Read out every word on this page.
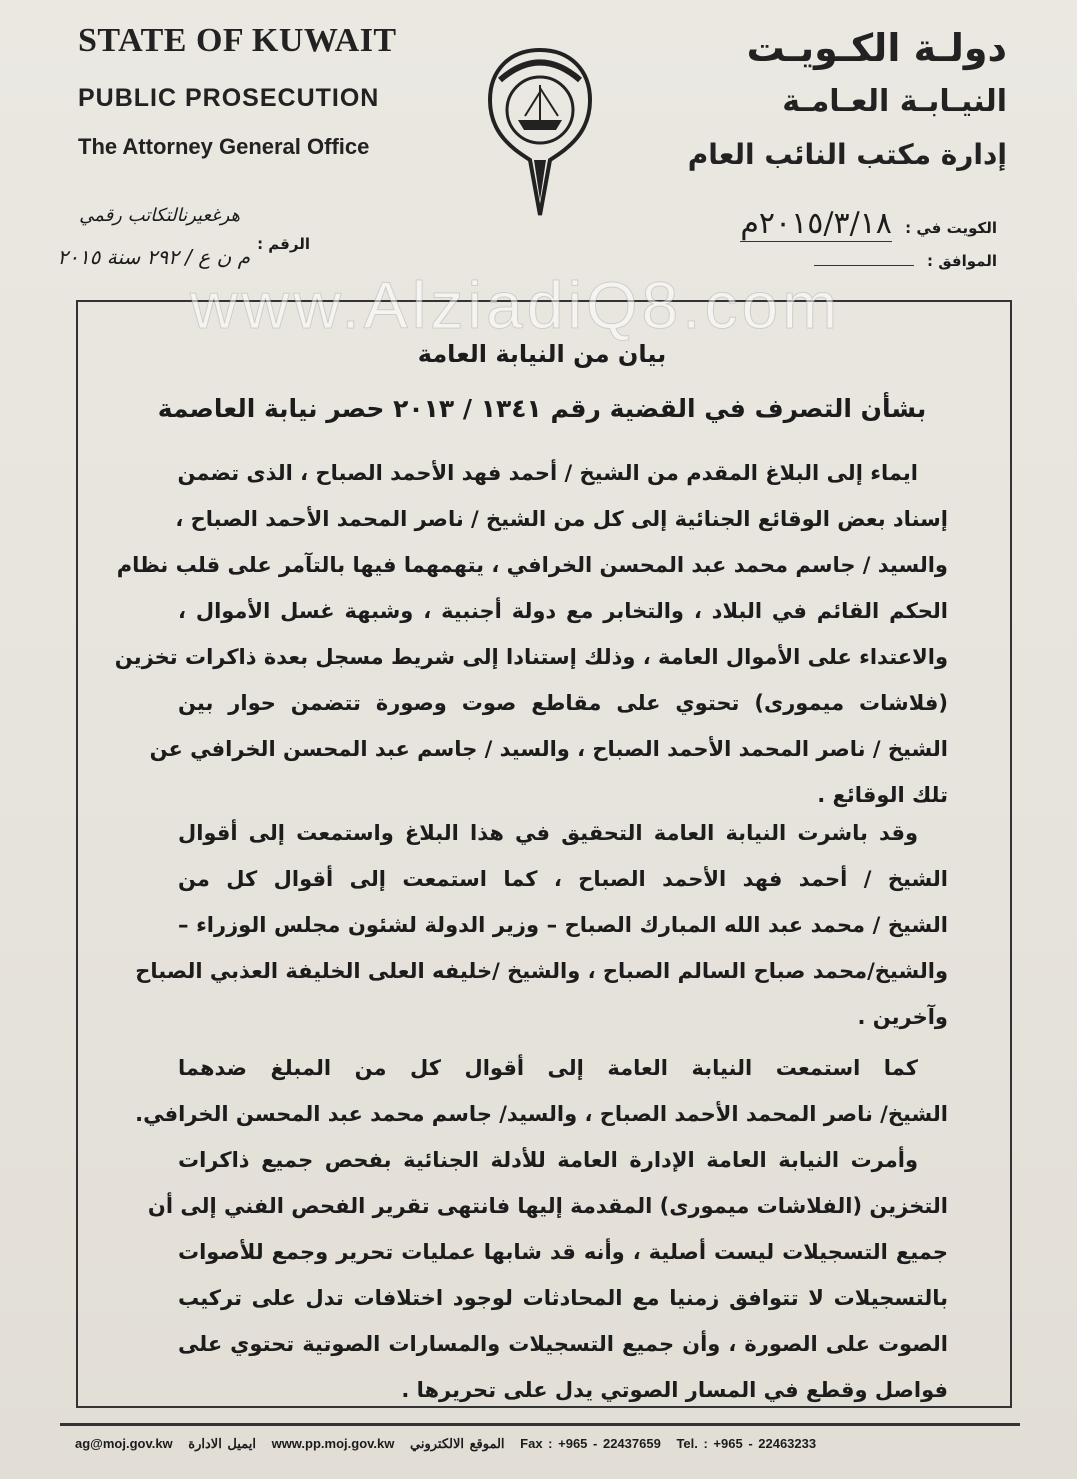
STATE OF KUWAIT
PUBLIC PROSECUTION
The Attorney General Office
دولـة الكـويـت
النيـابـة العـامـة
إدارة مكتب النائب العام
الكويت في : ٢٠١٥/٣/١٨م
الموافق :
الرقم :
هرغعيرنالتكاتب رقمي
م ن ع / ٢٩٢ سنة ٢٠١٥
بيان من النيابة العامة
بشأن التصرف في القضية رقم ١٣٤١ / ٢٠١٣ حصر نيابة العاصمة
ايماء إلى البلاغ المقدم من الشيخ / أحمد فهد الأحمد الصباح ، الذى تضمن
إسناد بعض الوقائع الجنائية إلى كل من الشيخ / ناصر المحمد الأحمد الصباح ،
والسيد / جاسم محمد عبد المحسن الخرافي ، يتهمهما فيها بالتآمر على قلب نظام
الحكم القائم في البلاد ، والتخابر مع دولة أجنبية ، وشبهة غسل الأموال ،
والاعتداء على الأموال العامة ، وذلك إستنادا إلى شريط مسجل بعدة ذاكرات تخزين
(فلاشات ميمورى) تحتوي على مقاطع صوت وصورة تتضمن حوار بين
الشيخ / ناصر المحمد الأحمد الصباح ، والسيد / جاسم عبد المحسن الخرافي عن
تلك الوقائع .
وقد باشرت النيابة العامة التحقيق في هذا البلاغ واستمعت إلى أقوال
الشيخ / أحمد فهد الأحمد الصباح ، كما استمعت إلى أقوال كل من
الشيخ / محمد عبد الله المبارك الصباح – وزير الدولة لشئون مجلس الوزراء –
والشيخ/محمد صباح السالم الصباح ، والشيخ /خليفه العلى الخليفة العذبي الصباح
وآخرين .
كما استمعت النيابة العامة إلى أقوال كل من المبلغ ضدهما
الشيخ/ ناصر المحمد الأحمد الصباح ، والسيد/ جاسم محمد عبد المحسن الخرافي.
وأمرت النيابة العامة الإدارة العامة للأدلة الجنائية بفحص جميع ذاكرات
التخزين (الفلاشات ميمورى) المقدمة إليها فانتهى تقرير الفحص الفني إلى أن
جميع التسجيلات ليست أصلية ، وأنه قد شابها عمليات تحرير وجمع للأصوات
بالتسجيلات لا تتوافق زمنيا مع المحادثات لوجود اختلافات تدل على تركيب
الصوت على الصورة ، وأن جميع التسجيلات والمسارات الصوتية تحتوي على
فواصل وقطع في المسار الصوتي يدل على تحريرها .
www.AlziadiQ8.com
ag@moj.gov.kw ايميل الادارة www.pp.moj.gov.kw الموقع الالكتروني Fax : +965 - 22437659 Tel. : +965 - 22463233
